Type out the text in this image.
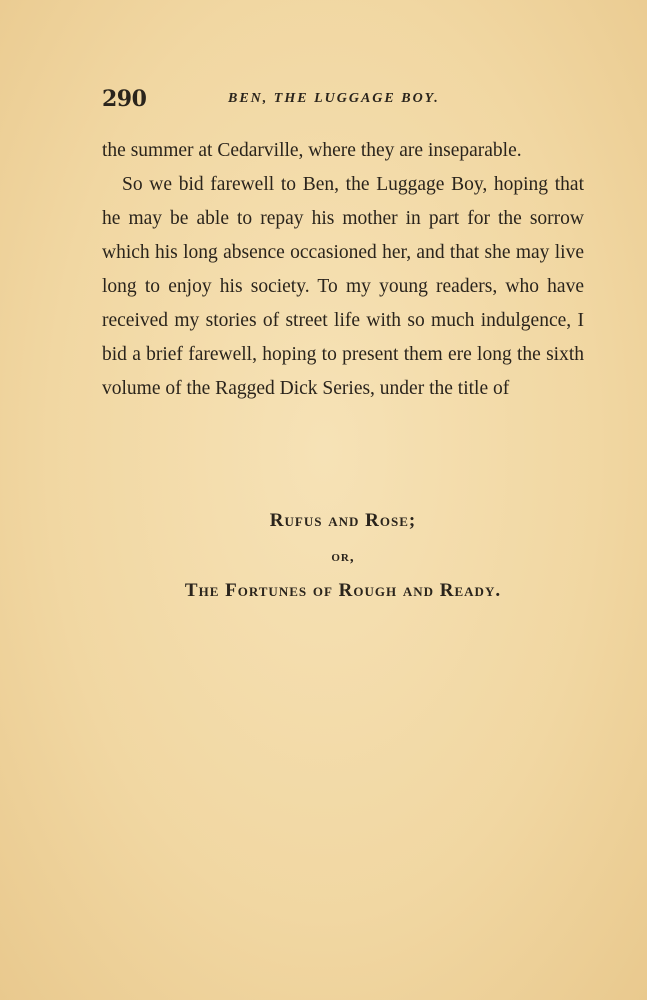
290	BEN, THE LUGGAGE BOY.

the summer at Cedarville, where they are inseparable.

So we bid farewell to Ben, the Luggage Boy, hoping that he may be able to repay his mother in part for the sorrow which his long absence occasioned her, and that she may live long to enjoy his society. To my young readers, who have received my stories of street life with so much indulgence, I bid a brief farewell, hoping to present them ere long the sixth volume of the Ragged Dick Series, under the title of

Rufus and Rose;
or,
The Fortunes of Rough and Ready.
